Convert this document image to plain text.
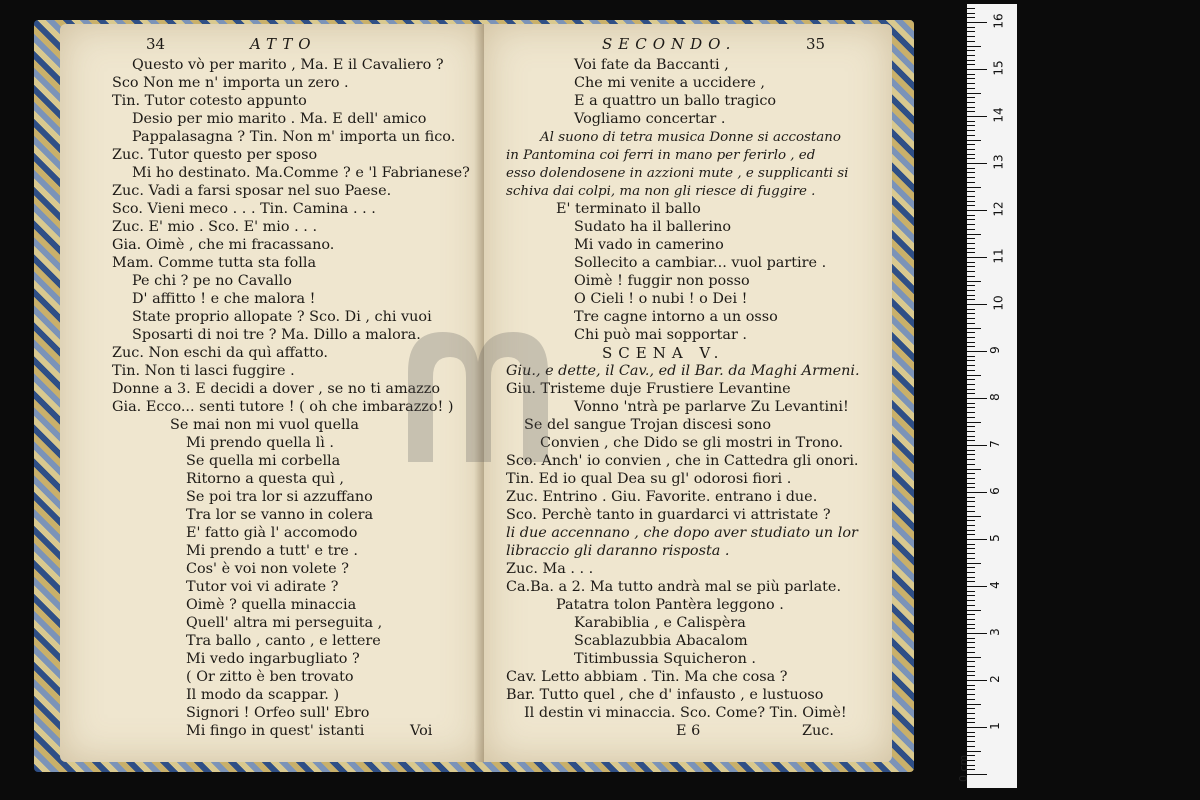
34	ATTO
Questo vò per marito , Ma. E il Cavaliero ?
Sco Non me n' importa un zero .
Tin. Tutor cotesto appunto
Desio per mio marito . Ma. E dell' amico
Pappalasagna ? Tin. Non m' importa un fico.
Zuc. Tutor questo per sposo
Mi ho destinato. Ma.Comme ? e 'l Fabrianese?
Zuc. Vadi a farsi sposar nel suo Paese.
Sco. Vieni meco . . . Tin. Camina . . .
Zuc. E' mio . Sco. E' mio . . .
Gia. Oimè , che mi fracassano.
Mam. Comme tutta sta folla
Pe chi ? pe no Cavallo
D' affitto ! e che malora !
State proprio allopate ? Sco. Di , chi vuoi
Sposarti di noi tre ? Ma. Dillo a malora.
Zuc. Non eschi da quì affatto.
Tin. Non ti lasci fuggire .
Donne a 3. E decidi a dover , se no ti amazzo
Gia. Ecco... senti tutore ! ( oh che imbarazzo! )
Se mai non mi vuol quella
Mi prendo quella lì .
Se quella mi corbella
Ritorno a questa quì ,
Se poi tra lor si azzuffano
Tra lor se vanno in colera
E' fatto già l' accomodo
Mi prendo a tutt' e tre .
Cos' è voi non volete ?
Tutor voi vi adirate ?
Oimè ? quella minaccia
Quell' altra mi perseguita ,
Tra ballo , canto , e lettere
Mi vedo ingarbugliato ?
( Or zitto è ben trovato
Il modo da scappar. )
Signori ! Orfeo sull' Ebro
Mi fingo in quest' istanti	Voi
SECONDO.	35
Voi fate da Baccanti ,
Che mi venite a uccidere ,
E a quattro un ballo tragico
Vogliamo concertar .
Al suono di tetra musica Donne si accostano
in Pantomina coi ferri in mano per ferirlo , ed
esso dolendosene in azzioni mute , e supplicanti si
schiva dai colpi, ma non gli riesce di fuggire .
E' terminato il ballo
Sudato ha il ballerino
Mi vado in camerino
Sollecito a cambiar... vuol partire .
Oimè ! fuggir non posso
O Cieli ! o nubi ! o Dei !
Tre cagne intorno a un osso
Chi può mai sopportar .
SCENA V.
Giu., e dette, il Cav., ed il Bar. da Maghi Armeni.
Giu. Tristeme duje Frustiere Levantine
Vonno 'ntrà pe parlarve Zu Levantini!
Se del sangue Trojan discesi sono
Convien , che Dido se gli mostri in Trono.
Sco. Anch' io convien , che in Cattedra gli onori.
Tin. Ed io qual Dea su gl' odorosi fiori .
Zuc. Entrino . Giu. Favorite. entrano i due.
Sco. Perchè tanto in guardarci vi attristate ?
li due accennano , che dopo aver studiato un lor
libraccio gli daranno risposta .
Zuc. Ma . . .
Ca.Ba. a 2. Ma tutto andrà mal se più parlate.
Patatra tolon Pantèra leggono .
Karabiblia , e Calispèra
Scablazubbia Abacalom
Titimbussia Squicheron .
Cav. Letto abbiam . Tin. Ma che cosa ?
Bar. Tutto quel , che d' infausto , e lustuoso
Il destin vi minaccia. Sco. Come? Tin. Oimè!
E 6	Zuc.	1
2
3
4
5
6
7
8
9
10
11
12
13
14
15
16
0 cm
